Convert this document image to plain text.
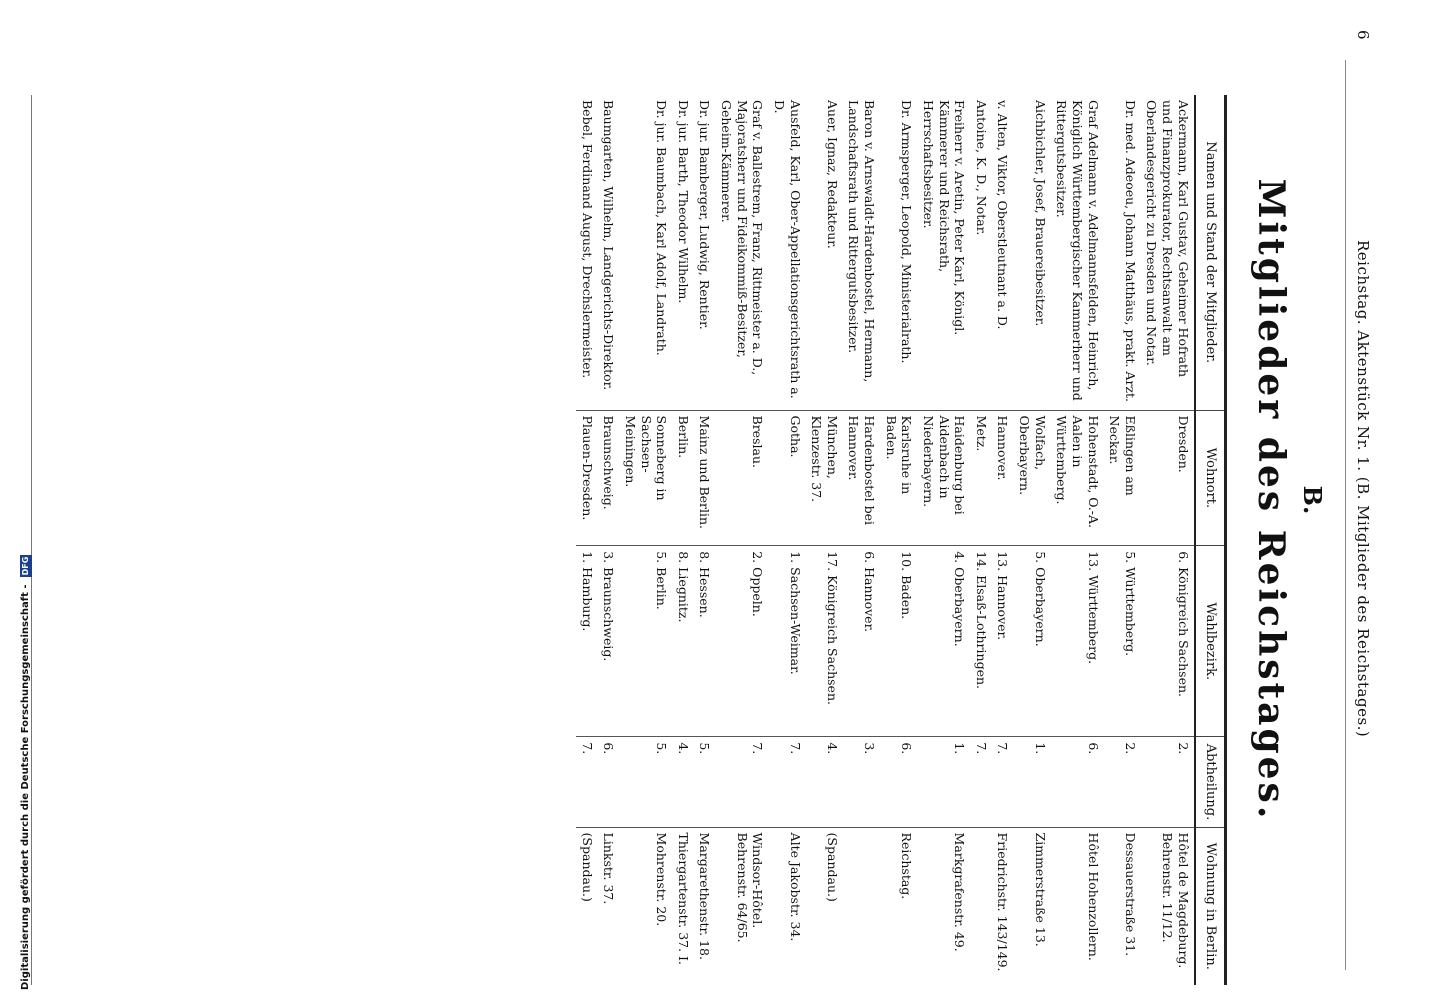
6
Reichstag. Aktenstück Nr. 1. (B. Mitglieder des Reichstages.)
B.
Mitglieder des Reichstages.
Namen und Stand der Mitglieder.	Wohnort.	Wahlbezirk.	Abtheilung.	Wohnung in Berlin.
Ackermann, Karl Gustav, Geheimer Hofrath und Finanzprokurator, Rechtsanwalt am Oberlandesgericht zu Dresden und Notar.	Dresden.	6. Königreich Sachsen.	2.	Hôtel de Magdeburg. Behrenstr. 11/12.
Dr. med. Adeoeu, Johann Matthäus, prakt. Arzt.	Eßlingen am Neckar.	5. Württemberg.	2.	Dessauerstraße 31.
Graf Adelmann v. Adelmannsfelden, Heinrich, Königlich Württembergischer Kammerherr und Rittergutsbesitzer.	Hohenstadt, O.-A. Aalen in Württemberg.	13. Württemberg.	6.	Hôtel Hohenzollern.
Aichbichler, Josef, Brauereibesitzer.	Wolfach, Oberbayern.	5. Oberbayern.	1.	Zimmerstraße 13.
v. Alten, Viktor, Oberstleutnant a. D.	Hannover.	13. Hannover.	7.	Friedrichstr. 143/149.
Antoine, K. D., Notar.	Metz.	14. Elsaß-Lothringen.	7.	
Freiherr v. Aretin, Peter Karl, Königl. Kämmerer und Reichsrath, Herrschaftsbesitzer.	Haidenburg bei Aidenbach in Niederbayern.	4. Oberbayern.	1.	Markgrafenstr. 49.
Dr. Armsperger, Leopold, Ministerialrath.	Karlsruhe in Baden.	10. Baden.	6.	Reichstag.
Baron v. Arnswaldt-Hardenbostel, Hermann, Landschaftsrath und Rittergutsbesitzer.	Hardenbostel bei Hannover.	6. Hannover.	3.	
Auer, Ignaz, Redakteur.	München, Klenzestr. 37.	17. Königreich Sachsen.	4.	(Spandau.)
Ausfeld, Karl, Ober-Appellationsgerichtsrath a. D.	Gotha.	1. Sachsen-Weimar.	7.	Alte Jakobstr. 34.
Graf v. Ballestrem, Franz, Rittmeister a. D., Majoratsherr und Fideikommiß-Besitzer, Geheim-Kämmerer.	Breslau.	2. Oppeln.	7.	Windsor-Hôtel. Behrenstr. 64/65.
Dr. jur. Bamberger, Ludwig, Rentier.	Mainz und Berlin.	8. Hessen.	5.	Margarethenstr. 18.
Dr. jur. Barth, Theodor Wilhelm.	Berlin.	8. Liegnitz.	4.	Thiergartenstr. 37. I.
Dr. jur. Baumbach, Karl Adolf, Landrath.	Sonneberg in Sachsen-Meiningen.	5. Berlin.	5.	Mohrenstr. 20.
Baumgarten, Wilhelm, Landgerichts-Direktor.	Braunschweig.	3. Braunschweig.	6.	Linkstr. 37.
Bebel, Ferdinand August, Drechslermeister.	Plauen-Dresden.	1. Hamburg.	7.	(Spandau.)
Digitalisierung gefördert durch die Deutsche Forschungsgemeinschaft - DFG
